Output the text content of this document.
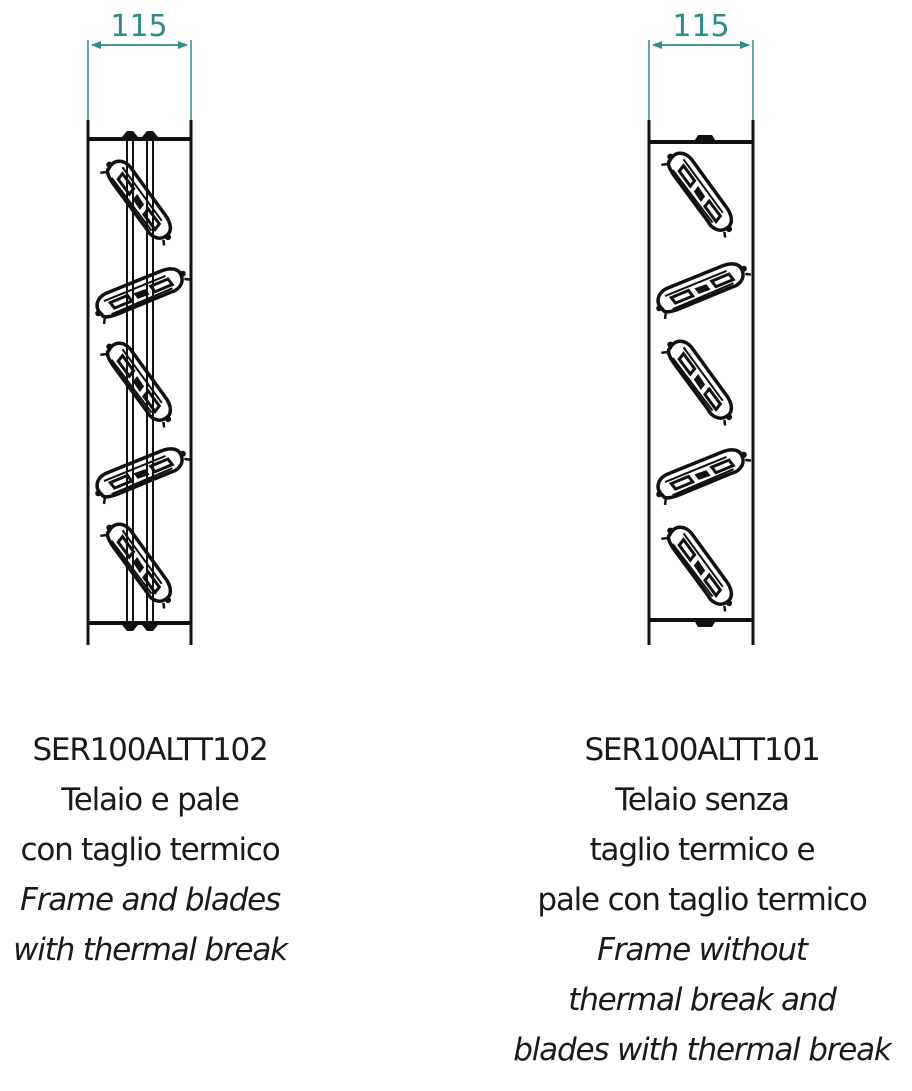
115	115
SER100ALTT102
Telaio e pale
con taglio termico
Frame and blades
with thermal break
SER100ALTT101
Telaio senza
taglio termico e
pale con taglio termico
Frame without
thermal break and
blades with thermal break
